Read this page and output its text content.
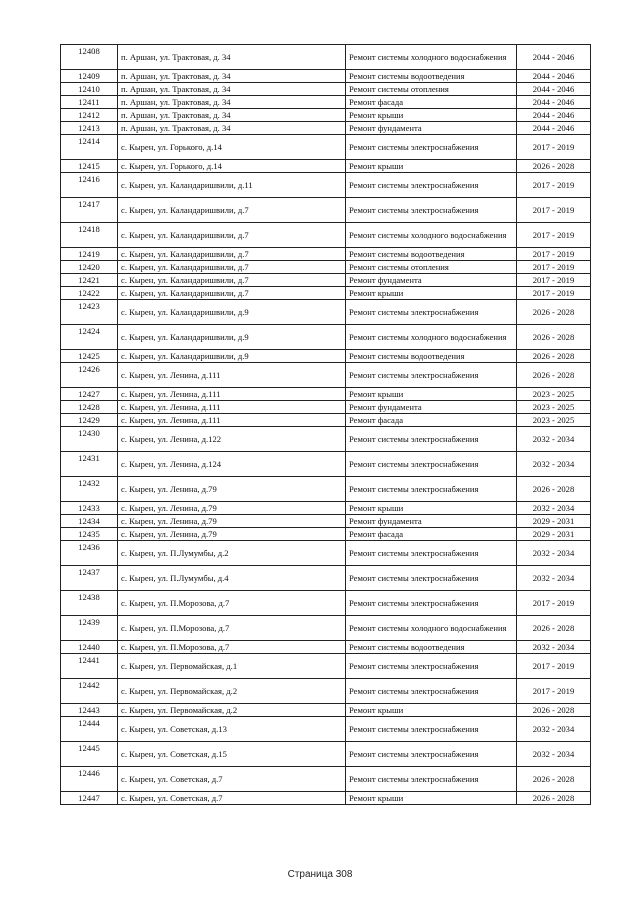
12408	п. Аршан, ул. Трактовая, д. 34	Ремонт системы холодного водоснабжения	2044 - 2046
12409	п. Аршан, ул. Трактовая, д. 34	Ремонт системы водоотведения	2044 - 2046
12410	п. Аршан, ул. Трактовая, д. 34	Ремонт системы отопления	2044 - 2046
12411	п. Аршан, ул. Трактовая, д. 34	Ремонт фасада	2044 - 2046
12412	п. Аршан, ул. Трактовая, д. 34	Ремонт крыши	2044 - 2046
12413	п. Аршан, ул. Трактовая, д. 34	Ремонт фундамента	2044 - 2046
12414	с. Кырен, ул. Горького, д.14	Ремонт системы электроснабжения	2017 - 2019
12415	с. Кырен, ул. Горького, д.14	Ремонт крыши	2026 - 2028
12416	с. Кырен, ул. Каландаришвили, д.11	Ремонт системы электроснабжения	2017 - 2019
12417	с. Кырен, ул. Каландаришвили, д.7	Ремонт системы электроснабжения	2017 - 2019
12418	с. Кырен, ул. Каландаришвили, д.7	Ремонт системы холодного водоснабжения	2017 - 2019
12419	с. Кырен, ул. Каландаришвили, д.7	Ремонт системы водоотведения	2017 - 2019
12420	с. Кырен, ул. Каландаришвили, д.7	Ремонт системы отопления	2017 - 2019
12421	с. Кырен, ул. Каландаришвили, д.7	Ремонт фундамента	2017 - 2019
12422	с. Кырен, ул. Каландаришвили, д.7	Ремонт крыши	2017 - 2019
12423	с. Кырен, ул. Каландаришвили, д.9	Ремонт системы электроснабжения	2026 - 2028
12424	с. Кырен, ул. Каландаришвили, д.9	Ремонт системы холодного водоснабжения	2026 - 2028
12425	с. Кырен, ул. Каландаришвили, д.9	Ремонт системы водоотведения	2026 - 2028
12426	с. Кырен, ул. Ленина, д.111	Ремонт системы электроснабжения	2026 - 2028
12427	с. Кырен, ул. Ленина, д.111	Ремонт крыши	2023 - 2025
12428	с. Кырен, ул. Ленина, д.111	Ремонт фундамента	2023 - 2025
12429	с. Кырен, ул. Ленина, д.111	Ремонт фасада	2023 - 2025
12430	с. Кырен, ул. Ленина, д.122	Ремонт системы электроснабжения	2032 - 2034
12431	с. Кырен, ул. Ленина, д.124	Ремонт системы электроснабжения	2032 - 2034
12432	с. Кырен, ул. Ленина, д.79	Ремонт системы электроснабжения	2026 - 2028
12433	с. Кырен, ул. Ленина, д.79	Ремонт крыши	2032 - 2034
12434	с. Кырен, ул. Ленина, д.79	Ремонт фундамента	2029 - 2031
12435	с. Кырен, ул. Ленина, д.79	Ремонт фасада	2029 - 2031
12436	с. Кырен, ул. П.Лумумбы, д.2	Ремонт системы электроснабжения	2032 - 2034
12437	с. Кырен, ул. П.Лумумбы, д.4	Ремонт системы электроснабжения	2032 - 2034
12438	с. Кырен, ул. П.Морозова, д.7	Ремонт системы электроснабжения	2017 - 2019
12439	с. Кырен, ул. П.Морозова, д.7	Ремонт системы холодного водоснабжения	2026 - 2028
12440	с. Кырен, ул. П.Морозова, д.7	Ремонт системы водоотведения	2032 - 2034
12441	с. Кырен, ул. Первомайская, д.1	Ремонт системы электроснабжения	2017 - 2019
12442	с. Кырен, ул. Первомайская, д.2	Ремонт системы электроснабжения	2017 - 2019
12443	с. Кырен, ул. Первомайская, д.2	Ремонт крыши	2026 - 2028
12444	с. Кырен, ул. Советская, д.13	Ремонт системы электроснабжения	2032 - 2034
12445	с. Кырен, ул. Советская, д.15	Ремонт системы электроснабжения	2032 - 2034
12446	с. Кырен, ул. Советская, д.7	Ремонт системы электроснабжения	2026 - 2028
12447	с. Кырен, ул. Советская, д.7	Ремонт крыши	2026 - 2028
Страница 308
